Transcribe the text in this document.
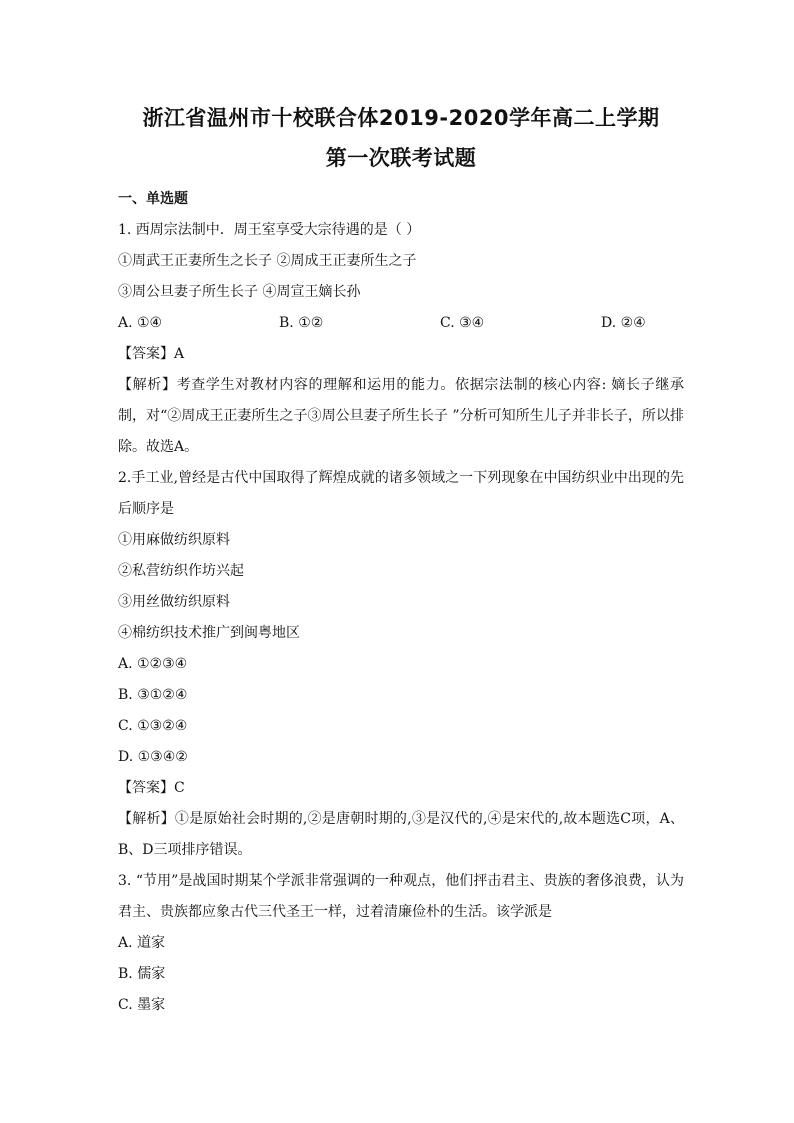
浙江省温州市十校联合体2019-2020学年高二上学期
第一次联考试题
一、单选题

1. 西周宗法制中．周王室享受大宗待遇的是（ ）

①周武王正妻所生之长子 ②周成王正妻所生之子

③周公旦妻子所生长子 ④周宣王嫡长孙

A. ①④	B. ①②	C. ③④	D. ②④

【答案】A

【解析】考查学生对教材内容的理解和运用的能力。依据宗法制的核心内容: 嫡长子继承制，对“②周成王正妻所生之子③周公旦妻子所生长子 ”分析可知所生儿子并非长子，所以排除。故选A。

2.手工业,曾经是古代中国取得了辉煌成就的诸多领域之一下列现象在中国纺织业中出现的先后顺序是

①用麻做纺织原料

②私营纺织作坊兴起

③用丝做纺织原料

④棉纺织技术推广到闽粤地区

A. ①②③④

B. ③①②④

C. ①③②④

D. ①③④②

【答案】C

【解析】①是原始社会时期的,②是唐朝时期的,③是汉代的,④是宋代的,故本题选C项，A、B、D三项排序错误。

3. “节用”是战国时期某个学派非常强调的一种观点，他们抨击君主、贵族的奢侈浪费，认为君主、贵族都应象古代三代圣王一样，过着清廉俭朴的生活。该学派是

A. 道家

B. 儒家

C. 墨家
